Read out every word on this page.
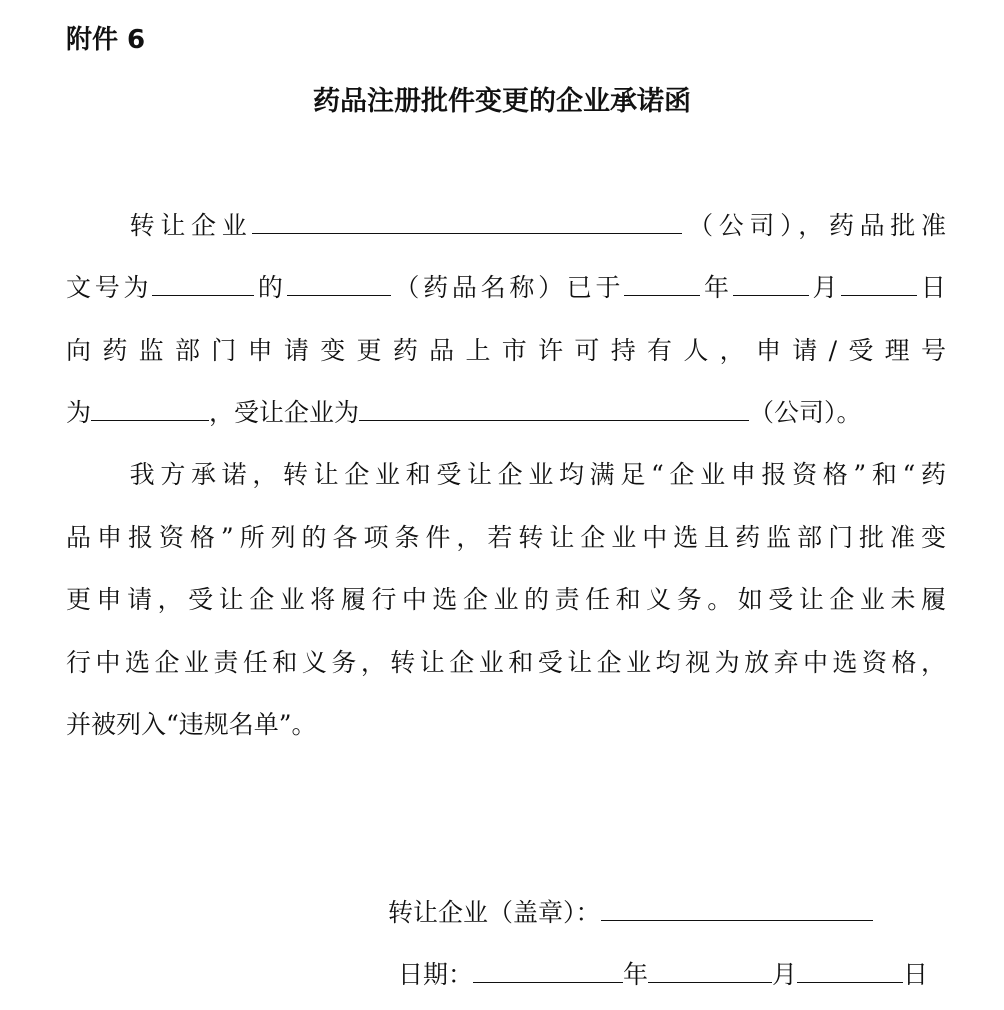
附件 6
药品注册批件变更的企业承诺函
转让企业	（公司），药品批准
文号为	的	（药品名称）已于	年	月	日
向药监部门申请变更药品上市许可持有人，申请/受理号
为	，受让企业为	（公司）。
我方承诺，转让企业和受让企业均满足“企业申报资格”和“药
品申报资格”所列的各项条件，若转让企业中选且药监部门批准变
更申请，受让企业将履行中选企业的责任和义务。如受让企业未履
行中选企业责任和义务，转让企业和受让企业均视为放弃中选资格，
并被列入“违规名单”。
转让企业（盖章）：
日期：	年	月	日
